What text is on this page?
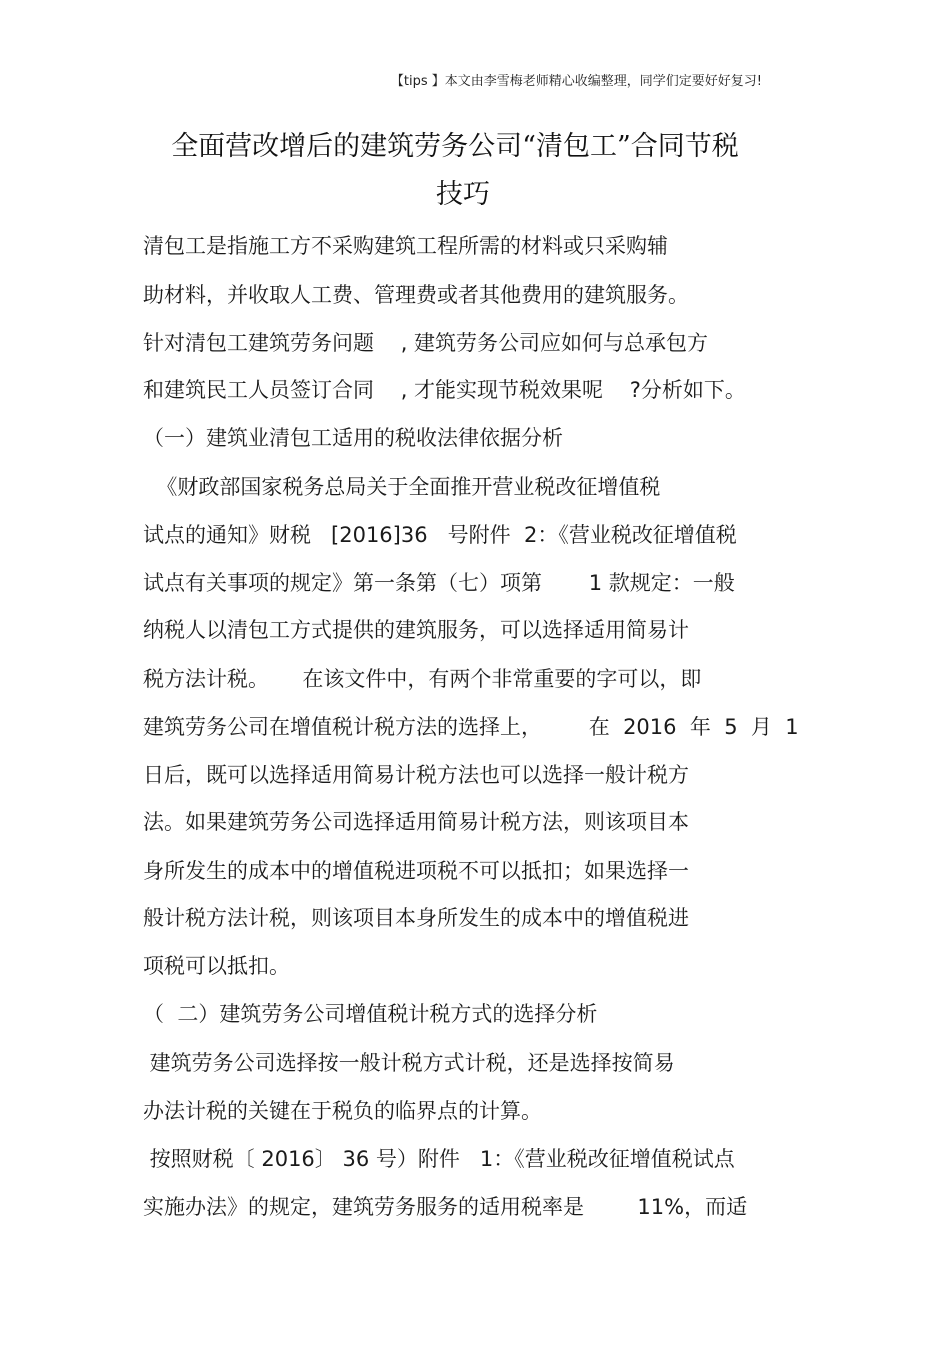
【tips 】本文由李雪梅老师精心收编整理，同学们定要好好复习!
全面营改增后的建筑劳务公司“清包工”合同节税
技巧
清包工是指施工方不采购建筑工程所需的材料或只采购辅
助材料，并收取人工费、管理费或者其他费用的建筑服务。
针对清包工建筑劳务问题    , 建筑劳务公司应如何与总承包方
和建筑民工人员签订合同    , 才能实现节税效果呢    ?分析如下。
（一）建筑业清包工适用的税收法律依据分析
《财政部国家税务总局关于全面推开营业税改征增值税
试点的通知》财税   [2016]36   号附件  2：《营业税改征增值税
试点有关事项的规定》第一条第（七）项第       1 款规定：一般
纳税人以清包工方式提供的建筑服务，可以选择适用简易计
税方法计税。     在该文件中，有两个非常重要的字可以，即
建筑劳务公司在增值税计税方法的选择上，       在  2016  年  5  月  1
日后，既可以选择适用简易计税方法也可以选择一般计税方
法。如果建筑劳务公司选择适用简易计税方法，则该项目本
身所发生的成本中的增值税进项税不可以抵扣；如果选择一
般计税方法计税，则该项目本身所发生的成本中的增值税进
项税可以抵扣。
（  二）建筑劳务公司增值税计税方式的选择分析
建筑劳务公司选择按一般计税方式计税，还是选择按简易
办法计税的关键在于税负的临界点的计算。
按照财税〔 2016〕 36 号）附件   1：《营业税改征增值税试点
实施办法》的规定，建筑劳务服务的适用税率是        11%，而适
